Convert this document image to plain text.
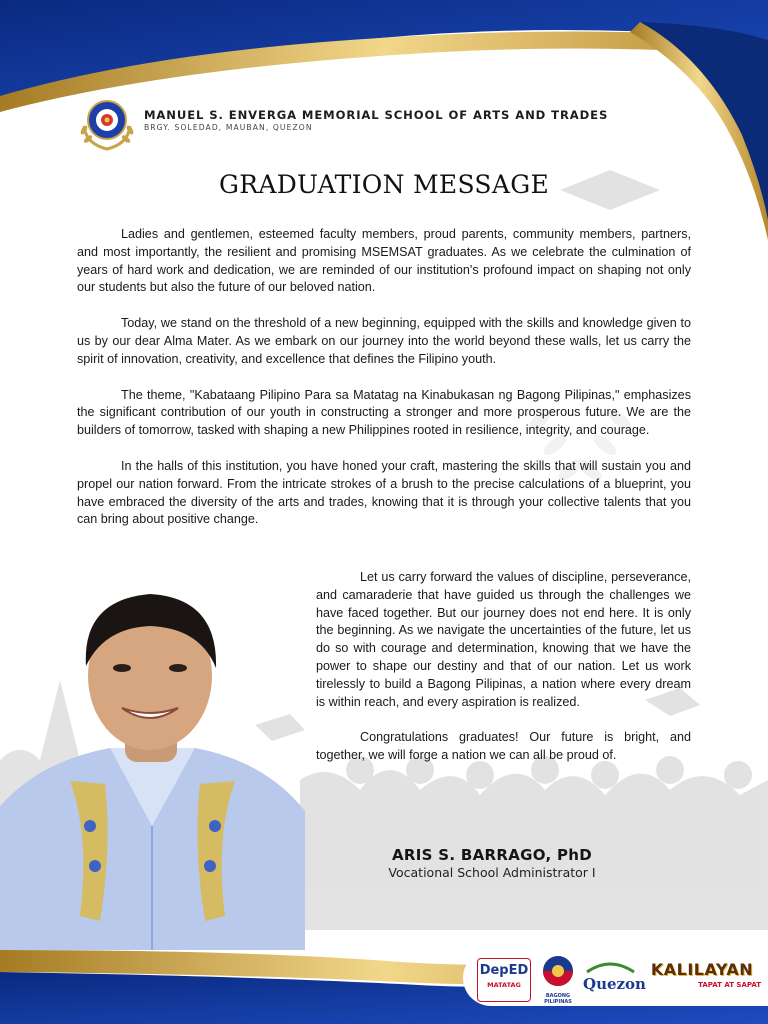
MANUEL S. ENVERGA MEMORIAL SCHOOL OF ARTS AND TRADES
BRGY. SOLEDAD, MAUBAN, QUEZON
GRADUATION MESSAGE

Ladies and gentlemen, esteemed faculty members, proud parents, community members, partners, and most importantly, the resilient and promising MSEMSAT graduates. As we celebrate the culmination of years of hard work and dedication, we are reminded of our institution's profound impact on shaping not only our students but also the future of our beloved nation.

Today, we stand on the threshold of a new beginning, equipped with the skills and knowledge given to us by our dear Alma Mater. As we embark on our journey into the world beyond these walls, let us carry the spirit of innovation, creativity, and excellence that defines the Filipino youth.

The theme, "Kabataang Pilipino Para sa Matatag na Kinabukasan ng Bagong Pilipinas," emphasizes the significant contribution of our youth in constructing a stronger and more prosperous future. We are the builders of tomorrow, tasked with shaping a new Philippines rooted in resilience, integrity, and courage.

In the halls of this institution, you have honed your craft, mastering the skills that will sustain you and propel our nation forward. From the intricate strokes of a brush to the precise calculations of a blueprint, you have embraced the diversity of the arts and trades, knowing that it is through your collective talents that you can bring about positive change.

Let us carry forward the values of discipline, perseverance, and camaraderie that have guided us through the challenges we have faced together. But our journey does not end here. It is only the beginning. As we navigate the uncertainties of the future, let us do so with courage and determination, knowing that we have the power to shape our destiny and that of our nation. Let us work tirelessly to build a Bagong Pilipinas, a nation where every dream is within reach, and every aspiration is realized.

Congratulations graduates! Our future is bright, and together, we will forge a nation we can all be proud of.

ARIS S. BARRAGO, PhD
Vocational School Administrator I
DepED
MATATAG
BAGONG PILIPINAS
Quezon
KALILAYAN
TAPAT AT SAPAT
